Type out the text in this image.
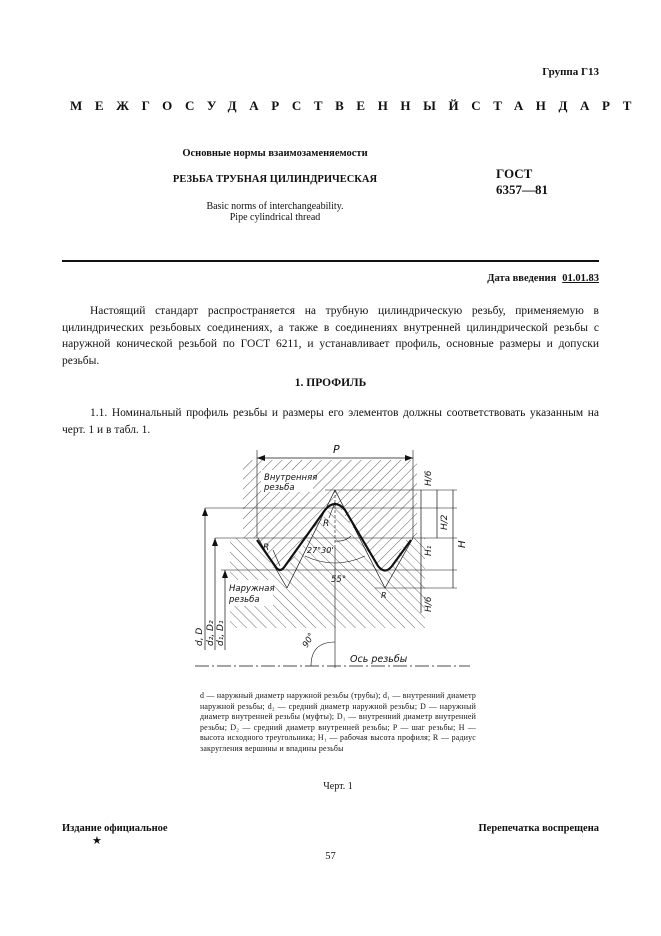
Группа Г13
МЕЖГОСУДАРСТВЕННЫЙ СТАНДАРТ
Основные нормы взаимозаменяемости
РЕЗЬБА ТРУБНАЯ ЦИЛИНДРИЧЕСКАЯ
Basic norms of interchangeability.
Pipe cylindrical thread
ГОСТ
6357—81
Дата введения 01.01.83

Настоящий стандарт распространяется на трубную цилиндрическую резьбу, применяемую в цилиндрических резьбовых соединениях, а также в соединениях внутренней цилиндрической резьбы с наружной конической резьбой по ГОСТ 6211, и устанавливает профиль, основные размеры и допуски резьбы.

1. ПРОФИЛЬ

1.1. Номинальный профиль резьбы и размеры его элементов должны соответствовать указанным на черт. 1 и в табл. 1.

P
H/6
H/2
H₁
H
H/6
d, D d₂, D₂ d₁, D₁
Ось резьбы
90°
55°
27°30'
R
R
R
Внутренняя
резьба
Наружная
резьба

d — наружный диаметр наружной резьбы (трубы); d₁ — внутренний диаметр наружной резьбы; d₂ — средний диаметр наружной резьбы; D — наружный диаметр внутренней резьбы (муфты); D₁ — внутренний диаметр внутренней резьбы; D₂ — средний диаметр внутренней резьбы; P — шаг резьбы; H — высота исходного треугольника; H₁ — рабочая высота профиля; R — радиус закругления вершины и впадины резьбы

Черт. 1
Издание официальное
★
Перепечатка воспрещена
57
